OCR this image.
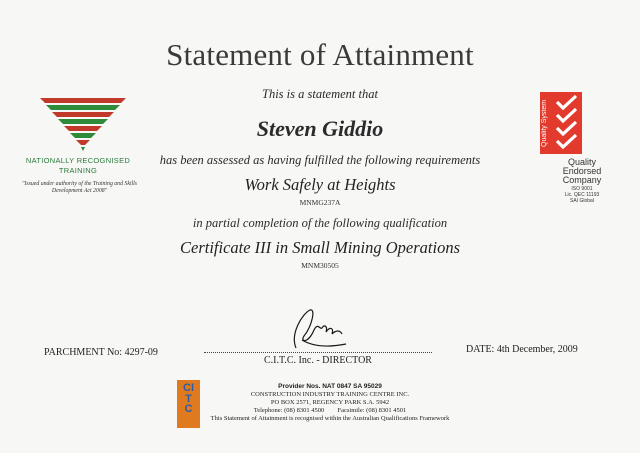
Statement of Attainment
NATIONALLY RECOGNISED
TRAINING
"Issued under authority of the Training and Skills Development Act 2008"
Quality System
Quality
Endorsed
Company
ISO 9001
Lic. QEC 11193
SAI Global
This is a statement that
Steven Giddio
has been assessed as having fulfilled the following requirements
Work Safely at Heights
MNMG237A
in partial completion of the following qualification
Certificate III in Small Mining Operations
MNM30505
C.I.T.C. Inc. - DIRECTOR
PARCHMENT No: 4297-09	DATE: 4th December, 2009
CITC
Provider Nos. NAT 0847 SA 95029
CONSTRUCTION INDUSTRY TRAINING CENTRE INC.
PO BOX 2571, REGENCY PARK S.A. 5942
Telephone: (08) 8301 4500 Facsimile: (08) 8301 4501
This Statement of Attainment is recognised within the Australian Qualifications Framework
